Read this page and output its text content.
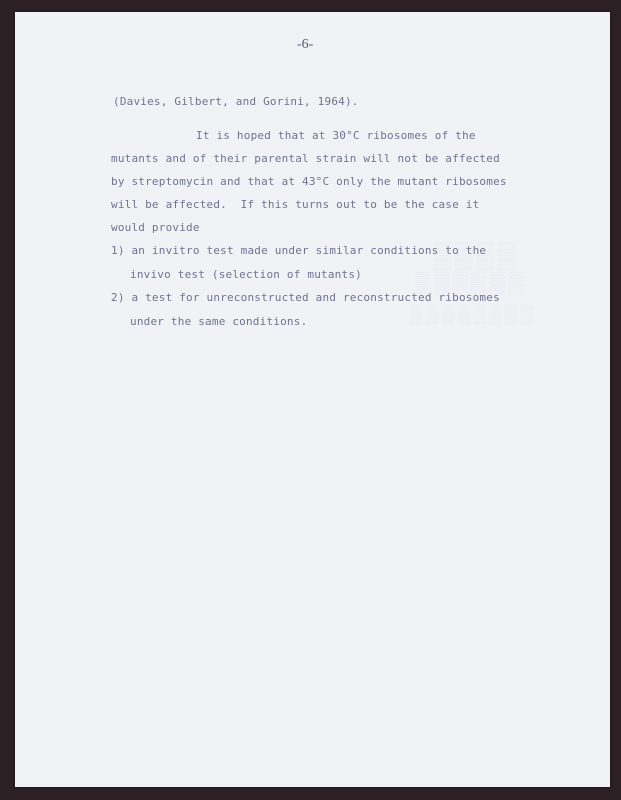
▒▒▒▒
▒▒▒▒▒▒
▒▒▒▒▒▒▒▒
-6-
(Davies, Gilbert, and Gorini, 1964).
It is hoped that at 30°C ribosomes of the
mutants and of their parental strain will not be affected
by streptomycin and that at 43°C only the mutant ribosomes
will be affected.  If this turns out to be the case it
would provide
1) an invitro test made under similar conditions to the
invivo test (selection of mutants)
2) a test for unreconstructed and reconstructed ribosomes
under the same conditions.
